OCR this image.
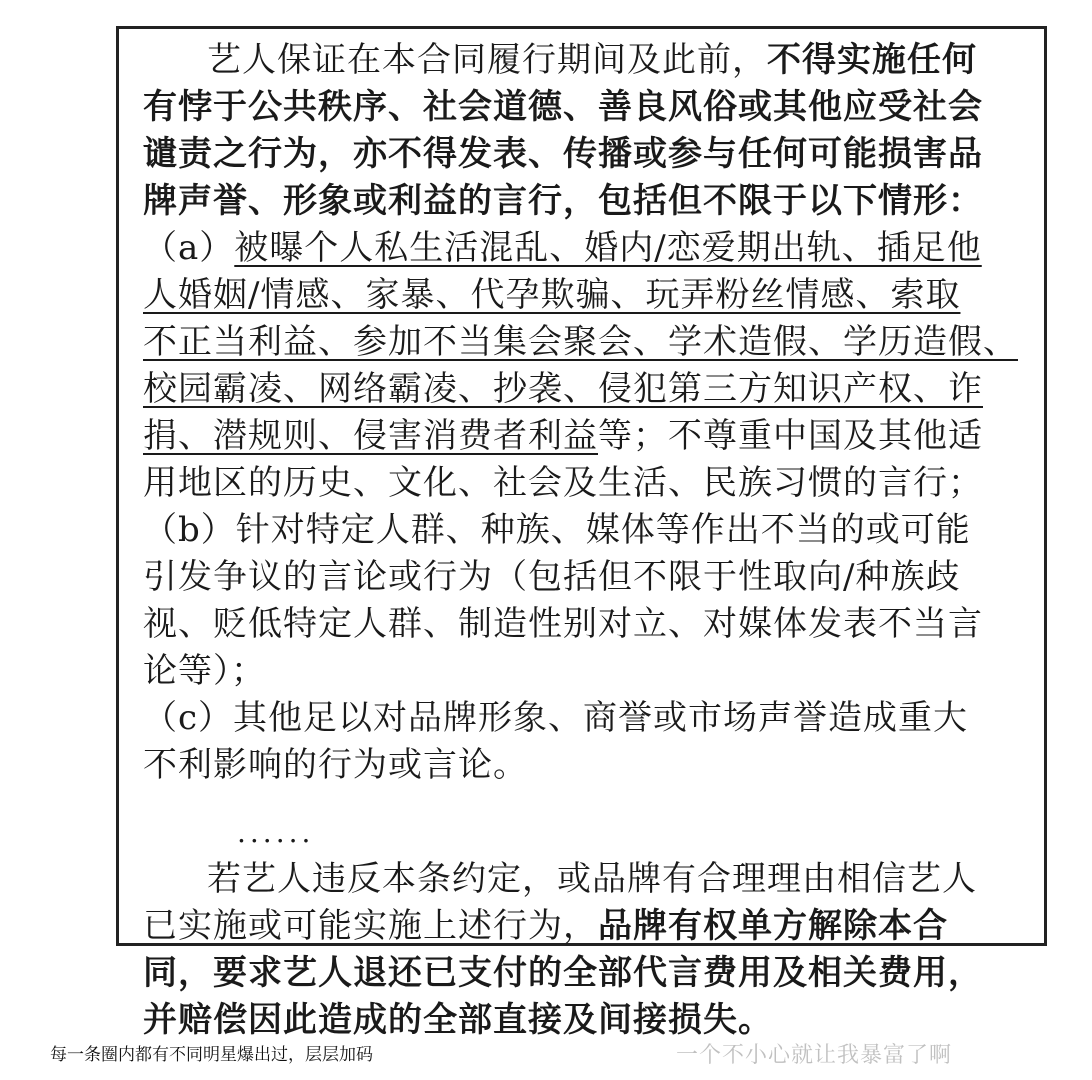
艺人保证在本合同履行期间及此前，不得实施任何
有悖于公共秩序、社会道德、善良风俗或其他应受社会
谴责之行为，亦不得发表、传播或参与任何可能损害品
牌声誉、形象或利益的言行，包括但不限于以下情形：
（a）被曝个人私生活混乱、婚内/恋爱期出轨、插足他
人婚姻/情感、家暴、代孕欺骗、玩弄粉丝情感、索取
不正当利益、参加不当集会聚会、学术造假、学历造假、
校园霸凌、网络霸凌、抄袭、侵犯第三方知识产权、诈
捐、潜规则、侵害消费者利益等；不尊重中国及其他适
用地区的历史、文化、社会及生活、民族习惯的言行；
（b）针对特定人群、种族、媒体等作出不当的或可能
引发争议的言论或行为（包括但不限于性取向/种族歧
视、贬低特定人群、制造性别对立、对媒体发表不当言
论等）；
（c）其他足以对品牌形象、商誉或市场声誉造成重大
不利影响的行为或言论。
......
若艺人违反本条约定，或品牌有合理理由相信艺人
已实施或可能实施上述行为，品牌有权单方解除本合
同，要求艺人退还已支付的全部代言费用及相关费用，
并赔偿因此造成的全部直接及间接损失。
每一条圈内都有不同明星爆出过，层层加码	一个不小心就让我暴富了啊
